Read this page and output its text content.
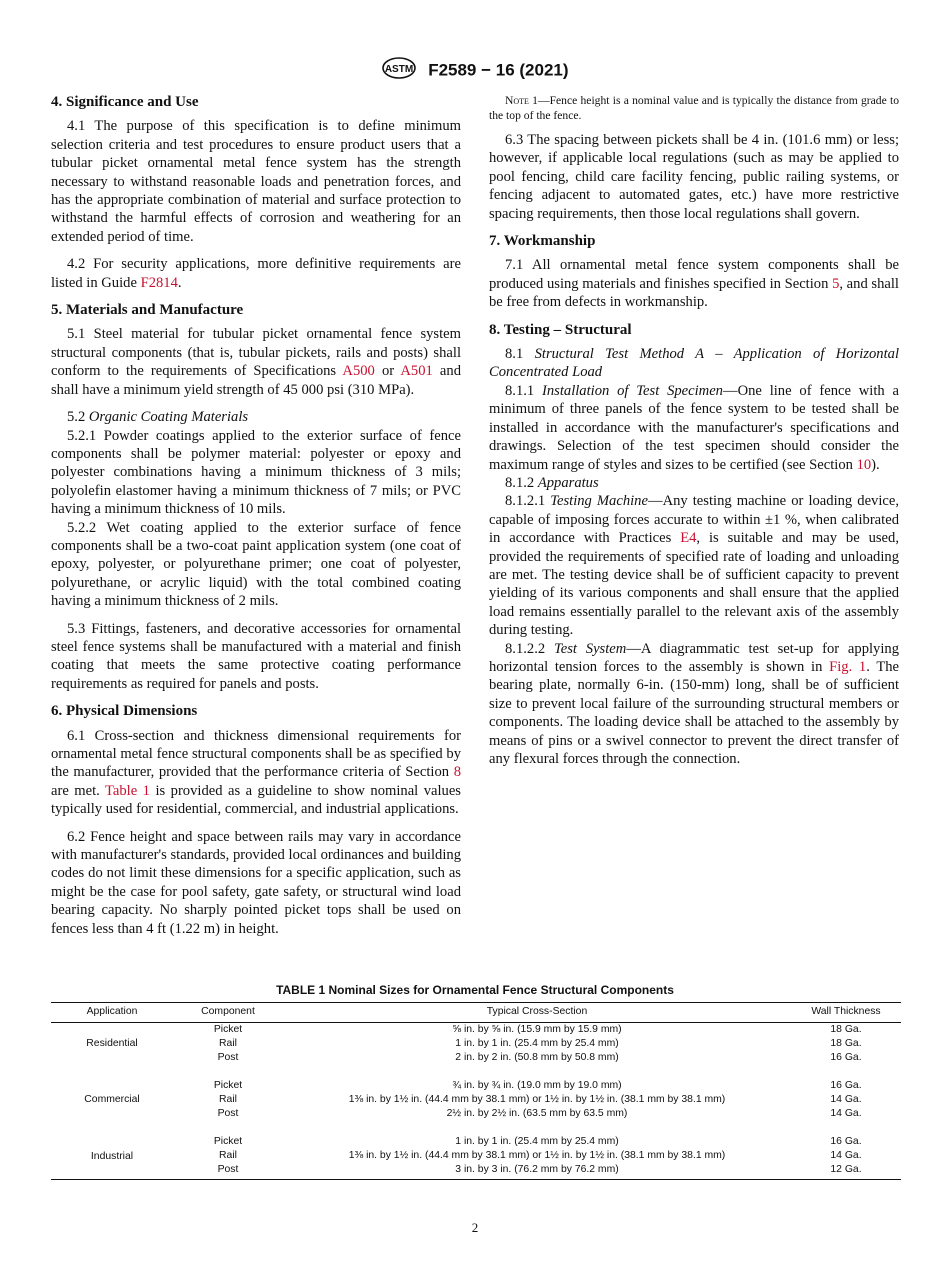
ASTM F2589 − 16 (2021)
4. Significance and Use

4.1 The purpose of this specification is to define minimum selection criteria and test procedures to ensure product users that a tubular picket ornamental metal fence system has the strength necessary to withstand reasonable loads and penetration forces, and has the appropriate combination of material and surface protection to withstand the harmful effects of corrosion and weathering for an extended period of time.

4.2 For security applications, more definitive requirements are listed in Guide F2814.

5. Materials and Manufacture

5.1 Steel material for tubular picket ornamental fence system structural components (that is, tubular pickets, rails and posts) shall conform to the requirements of Specifications A500 or A501 and shall have a minimum yield strength of 45 000 psi (310 MPa).

5.2 Organic Coating Materials

5.2.1 Powder coatings applied to the exterior surface of fence components shall be polymer material: polyester or epoxy and polyester combinations having a minimum thickness of 3 mils; polyolefin elastomer having a minimum thickness of 7 mils; or PVC having a minimum thickness of 10 mils.

5.2.2 Wet coating applied to the exterior surface of fence components shall be a two-coat paint application system (one coat of epoxy, polyester, or polyurethane primer; one coat of polyester, polyurethane, or acrylic liquid) with the total combined coating having a minimum thickness of 2 mils.

5.3 Fittings, fasteners, and decorative accessories for ornamental steel fence systems shall be manufactured with a material and finish coating that meets the same protective coating performance requirements as required for panels and posts.

6. Physical Dimensions

6.1 Cross-section and thickness dimensional requirements for ornamental metal fence structural components shall be as specified by the manufacturer, provided that the performance criteria of Section 8 are met. Table 1 is provided as a guideline to show nominal values typically used for residential, commercial, and industrial applications.

6.2 Fence height and space between rails may vary in accordance with manufacturer's standards, provided local ordinances and building codes do not limit these dimensions for a specific application, such as might be the case for pool safety, gate safety, or structural wind load bearing capacity. No sharply pointed picket tops shall be used on fences less than 4 ft (1.22 m) in height.

Note 1—Fence height is a nominal value and is typically the distance from grade to the top of the fence.

6.3 The spacing between pickets shall be 4 in. (101.6 mm) or less; however, if applicable local regulations (such as may be applied to pool fencing, child care facility fencing, public railing systems, or fencing adjacent to automated gates, etc.) have more restrictive spacing requirements, then those local regulations shall govern.

7. Workmanship

7.1 All ornamental metal fence system components shall be produced using materials and finishes specified in Section 5, and shall be free from defects in workmanship.

8. Testing – Structural

8.1 Structural Test Method A – Application of Horizontal Concentrated Load

8.1.1 Installation of Test Specimen—One line of fence with a minimum of three panels of the fence system to be tested shall be installed in accordance with the manufacturer's specifications and drawings. Selection of the test specimen should consider the maximum range of styles and sizes to be certified (see Section 10).

8.1.2 Apparatus

8.1.2.1 Testing Machine—Any testing machine or loading device, capable of imposing forces accurate to within ±1 %, when calibrated in accordance with Practices E4, is suitable and may be used, provided the requirements of specified rate of loading and unloading are met. The testing device shall be of sufficient capacity to prevent yielding of its various components and shall ensure that the applied load remains essentially parallel to the relevant axis of the assembly during testing.

8.1.2.2 Test System—A diagrammatic test set-up for applying horizontal tension forces to the assembly is shown in Fig. 1. The bearing plate, normally 6-in. (150-mm) long, shall be of sufficient size to prevent local failure of the surrounding structural members or components. The loading device shall be attached to the assembly by means of pins or a swivel connector to prevent the direct transfer of any flexural forces through the connection.

TABLE 1 Nominal Sizes for Ornamental Fence Structural Components
Application	Component	Typical Cross-Section	Wall Thickness
Residential	Picket	⅝ in. by ⅝ in. (15.9 mm by 15.9 mm)	18 Ga.
	Rail	1 in. by 1 in. (25.4 mm by 25.4 mm)	18 Ga.
	Post	2 in. by 2 in. (50.8 mm by 50.8 mm)	16 Ga.

Commercial	Picket	¾ in. by ¾ in. (19.0 mm by 19.0 mm)	16 Ga.
	Rail	1⅜ in. by 1½ in. (44.4 mm by 38.1 mm) or 1½ in. by 1½ in. (38.1 mm by 38.1 mm)	14 Ga.
	Post	2½ in. by 2½ in. (63.5 mm by 63.5 mm)	14 Ga.

Industrial	Picket	1 in. by 1 in. (25.4 mm by 25.4 mm)	16 Ga.
	Rail	1⅜ in. by 1½ in. (44.4 mm by 38.1 mm) or 1½ in. by 1½ in. (38.1 mm by 38.1 mm)	14 Ga.
	Post	3 in. by 3 in. (76.2 mm by 76.2 mm)	12 Ga.
2
